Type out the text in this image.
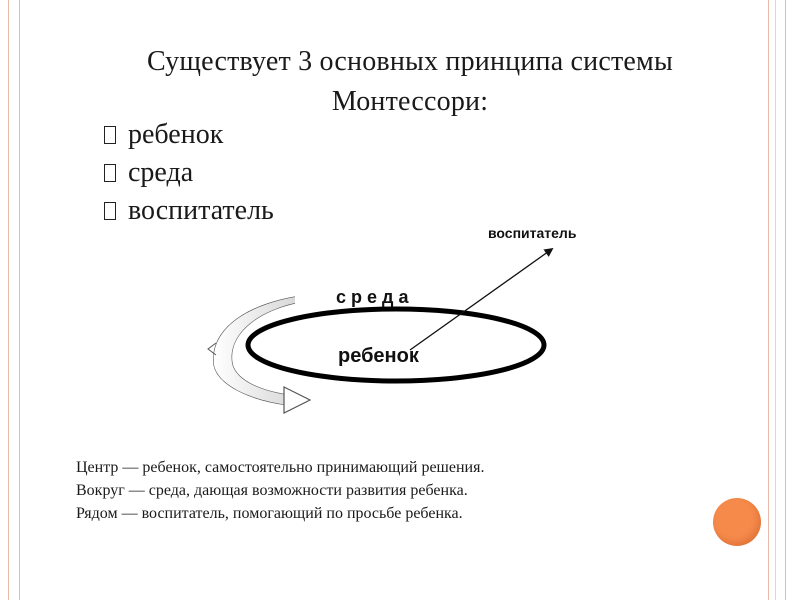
Существует 3 основных принципа системы
Монтессори:
ребенок
среда
воспитатель
воспитатель
с р е д а
ребенок
Центр — ребенок, самостоятельно принимающий решения.
Вокруг — среда, дающая возможности развития ребенка.
Рядом — воспитатель, помогающий по просьбе ребенка.
